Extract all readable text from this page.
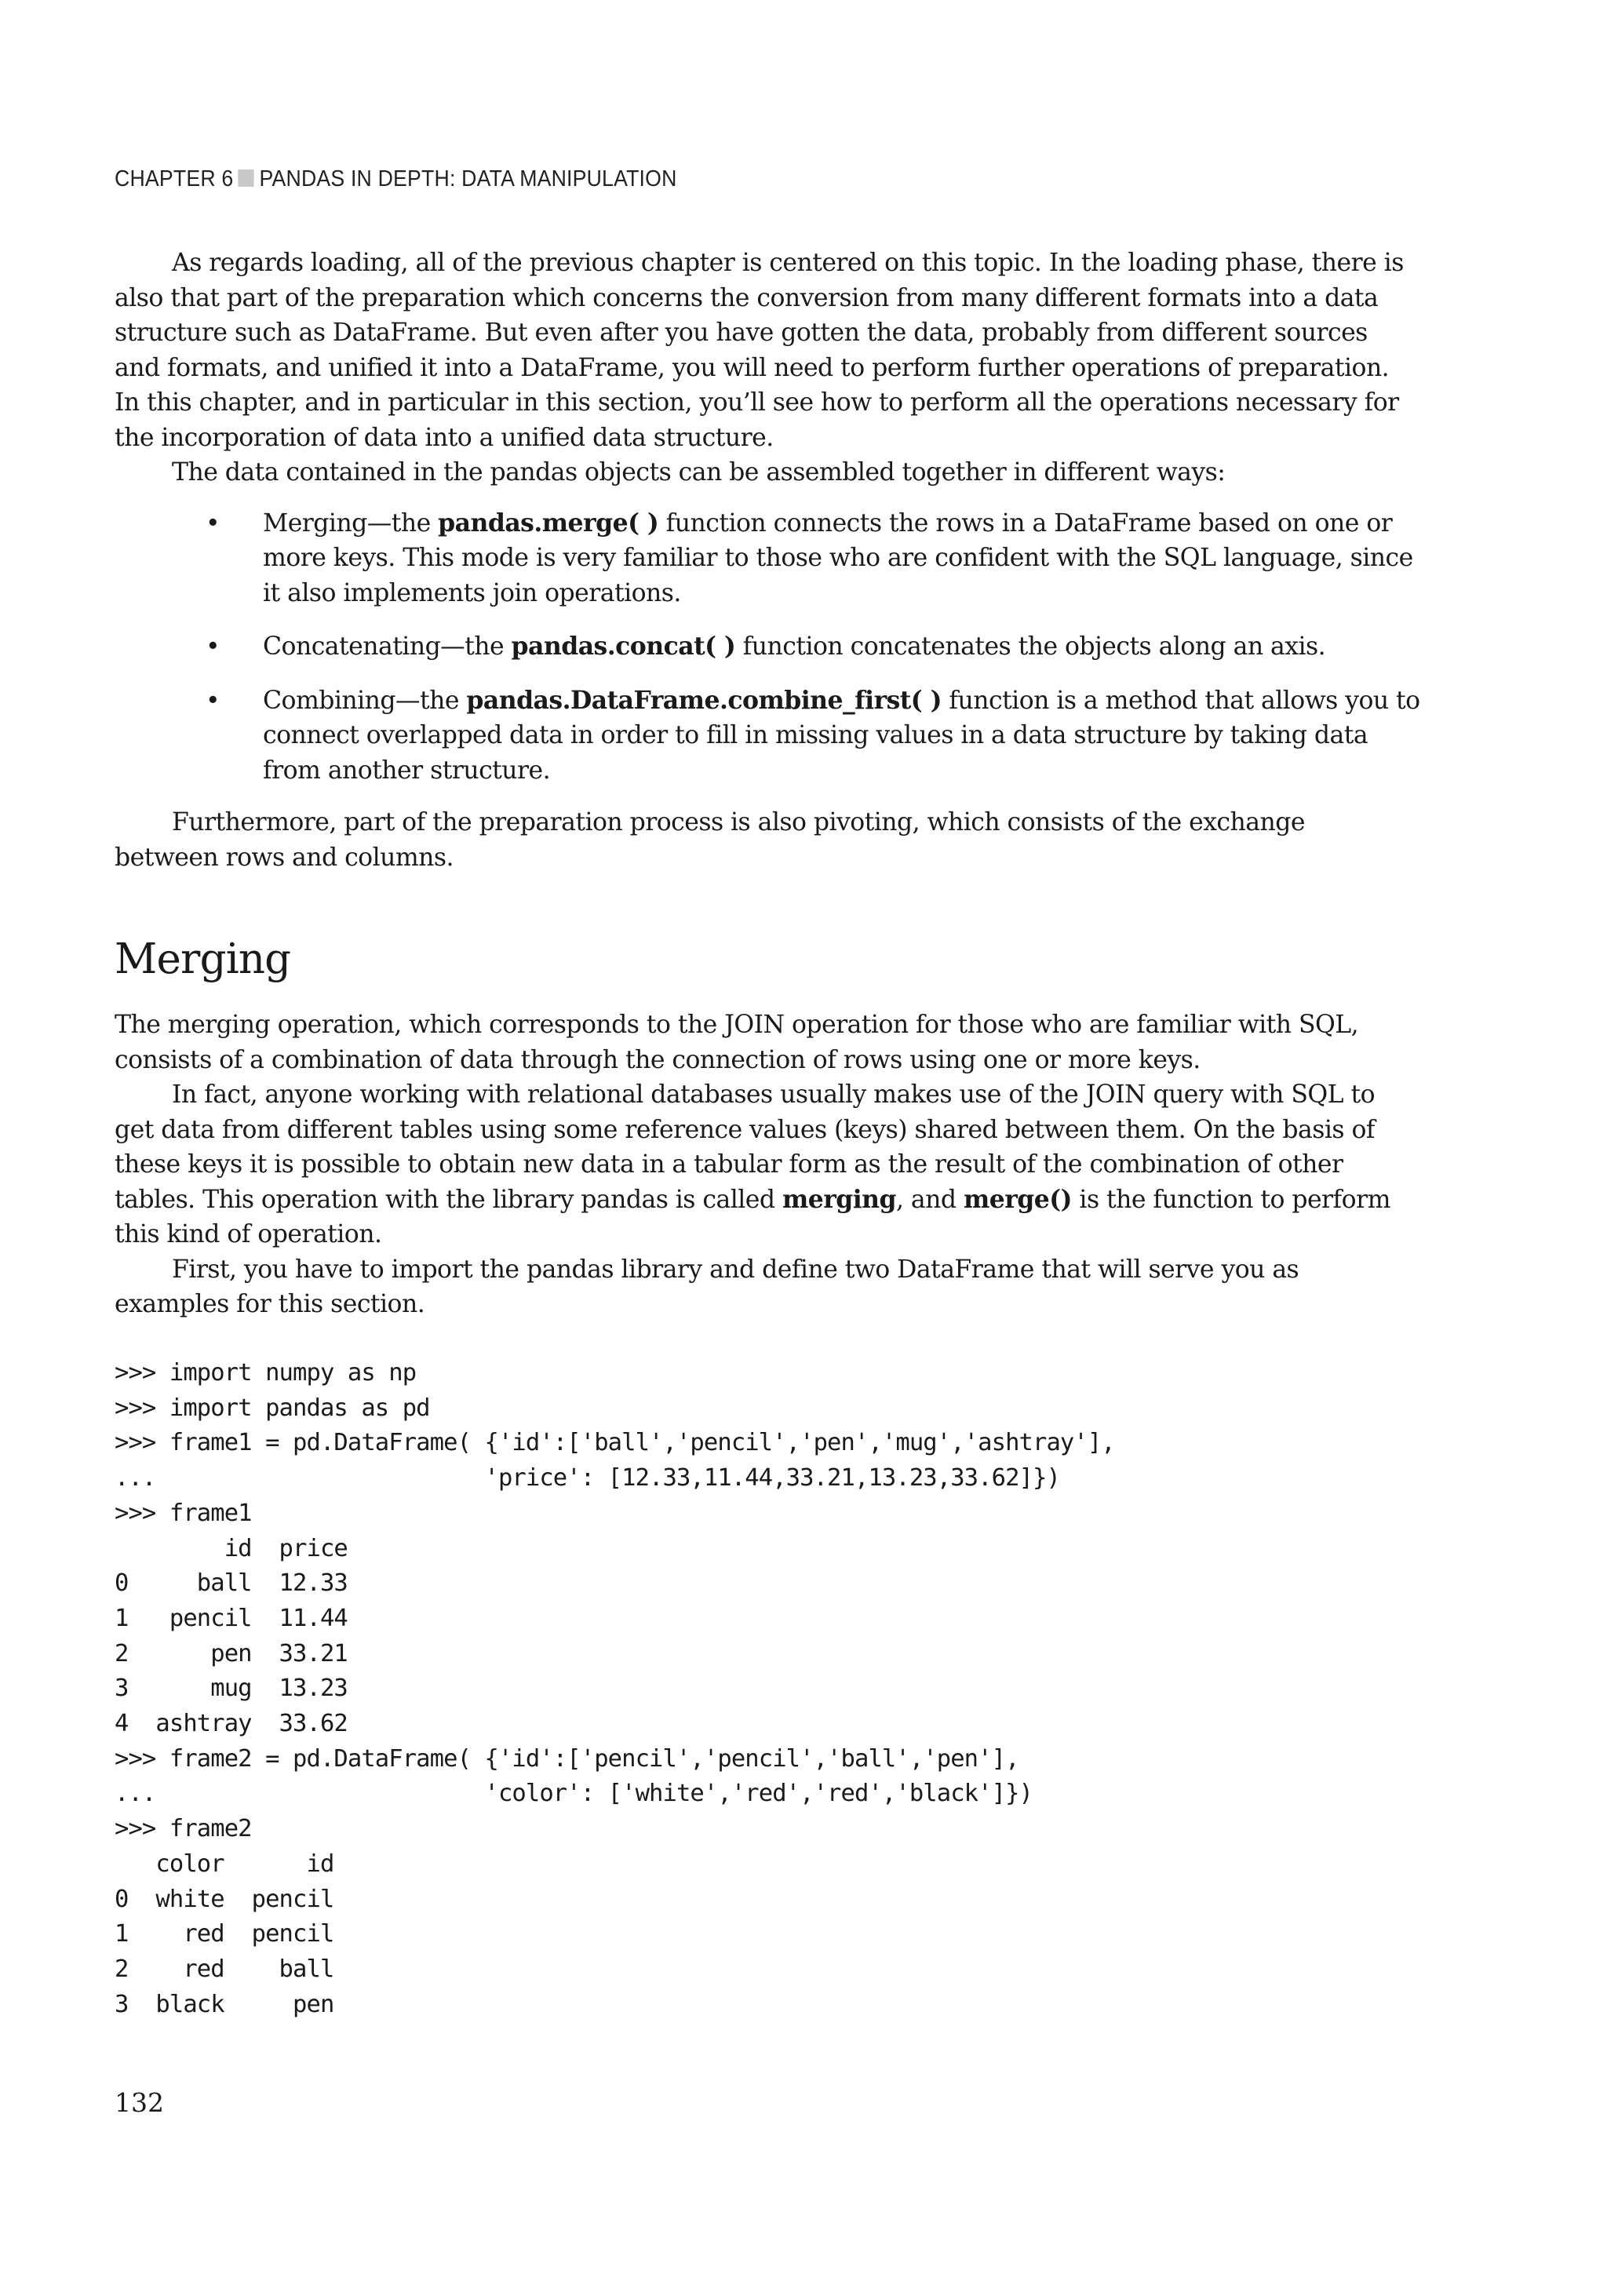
CHAPTER 6 PANDAS IN DEPTH: DATA MANIPULATION

As regards loading, all of the previous chapter is centered on this topic. In the loading phase, there is also that part of the preparation which concerns the conversion from many different formats into a data structure such as DataFrame. But even after you have gotten the data, probably from different sources and formats, and unified it into a DataFrame, you will need to perform further operations of preparation. In this chapter, and in particular in this section, you’ll see how to perform all the operations necessary for the incorporation of data into a unified data structure.

The data contained in the pandas objects can be assembled together in different ways:

• Merging—the pandas.merge( ) function connects the rows in a DataFrame based on one or more keys. This mode is very familiar to those who are confident with the SQL language, since it also implements join operations.
• Concatenating—the pandas.concat( ) function concatenates the objects along an axis.
• Combining—the pandas.DataFrame.combine_first( ) function is a method that allows you to connect overlapped data in order to fill in missing values in a data structure by taking data from another structure.

Furthermore, part of the preparation process is also pivoting, which consists of the exchange between rows and columns.

Merging

The merging operation, which corresponds to the JOIN operation for those who are familiar with SQL, consists of a combination of data through the connection of rows using one or more keys.

In fact, anyone working with relational databases usually makes use of the JOIN query with SQL to get data from different tables using some reference values (keys) shared between them. On the basis of these keys it is possible to obtain new data in a tabular form as the result of the combination of other tables. This operation with the library pandas is called merging, and merge() is the function to perform this kind of operation.

First, you have to import the pandas library and define two DataFrame that will serve you as examples for this section.

>>> import numpy as np
>>> import pandas as pd
>>> frame1 = pd.DataFrame( {'id':['ball','pencil','pen','mug','ashtray'],
...                        'price': [12.33,11.44,33.21,13.23,33.62]})
>>> frame1
id  price
0     ball  12.33
1   pencil  11.44
2      pen  33.21
3      mug  13.23
4  ashtray  33.62
>>> frame2 = pd.DataFrame( {'id':['pencil','pencil','ball','pen'],
...                        'color': ['white','red','red','black']})
>>> frame2
color      id
0  white  pencil
1    red  pencil
2    red    ball
3  black     pen
132
